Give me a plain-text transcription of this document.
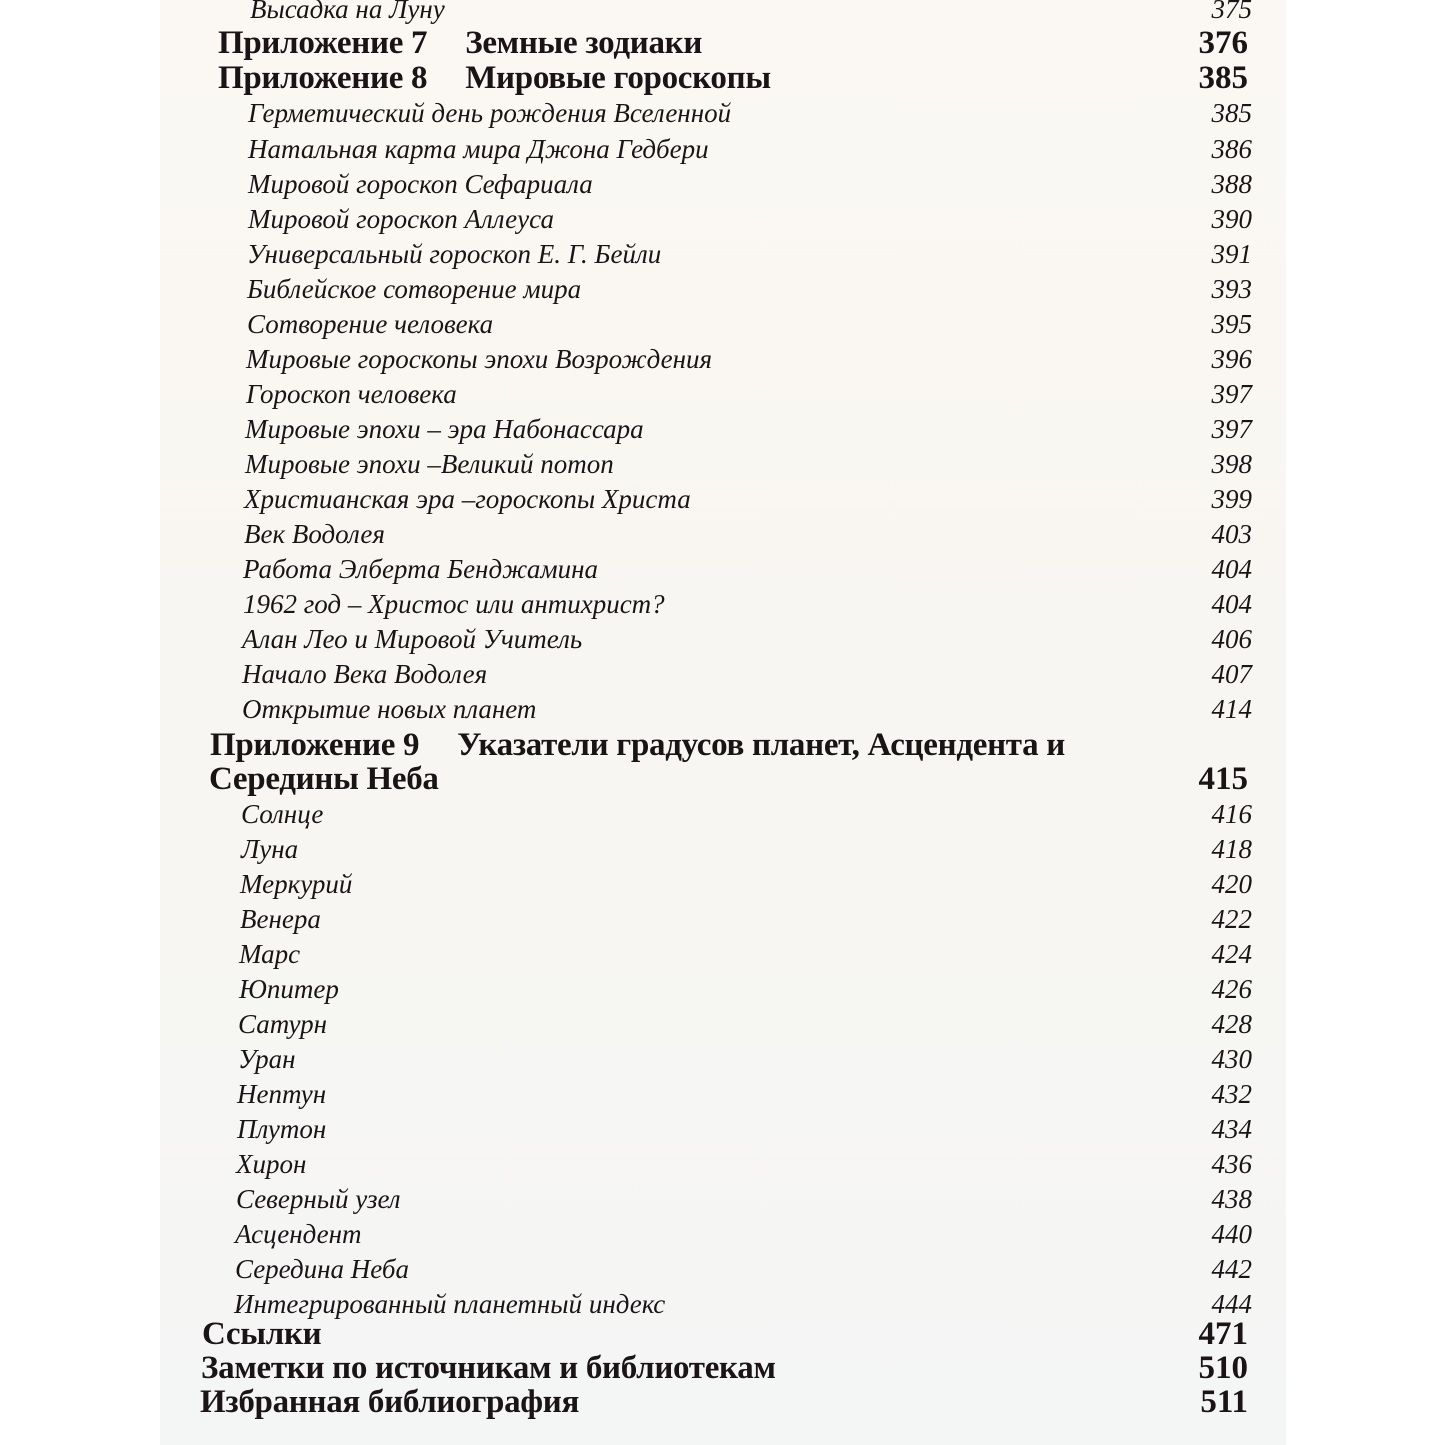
Высадка на Луну	375
Приложение 7 Земные зодиаки	376
Приложение 8 Мировые гороскопы	385
Герметический день рождения Вселенной	385
Натальная карта мира Джона Гедбери	386
Мировой гороскоп Сефариала	388
Мировой гороскоп Аллеуса	390
Универсальный гороскоп Е. Г. Бейли	391
Библейское сотворение мира	393
Сотворение человека	395
Мировые гороскопы эпохи Возрождения	396
Гороскоп человека	397
Мировые эпохи – эра Набонассара	397
Мировые эпохи –Великий потоп	398
Христианская эра –гороскопы Христа	399
Век Водолея	403
Работа Элберта Бенджамина	404
1962 год – Христос или антихрист?	404
Алан Лео и Мировой Учитель	406
Начало Века Водолея	407
Открытие новых планет	414
Приложение 9 Указатели градусов планет, Асцендента и
Середины Неба	415
Солнце	416
Луна	418
Меркурий	420
Венера	422
Марс	424
Юпитер	426
Сатурн	428
Уран	430
Нептун	432
Плутон	434
Хирон	436
Северный узел	438
Асцендент	440
Середина Неба	442
Интегрированный планетный индекс	444
Ссылки	471
Заметки по источникам и библиотекам	510
Избранная библиография	511
